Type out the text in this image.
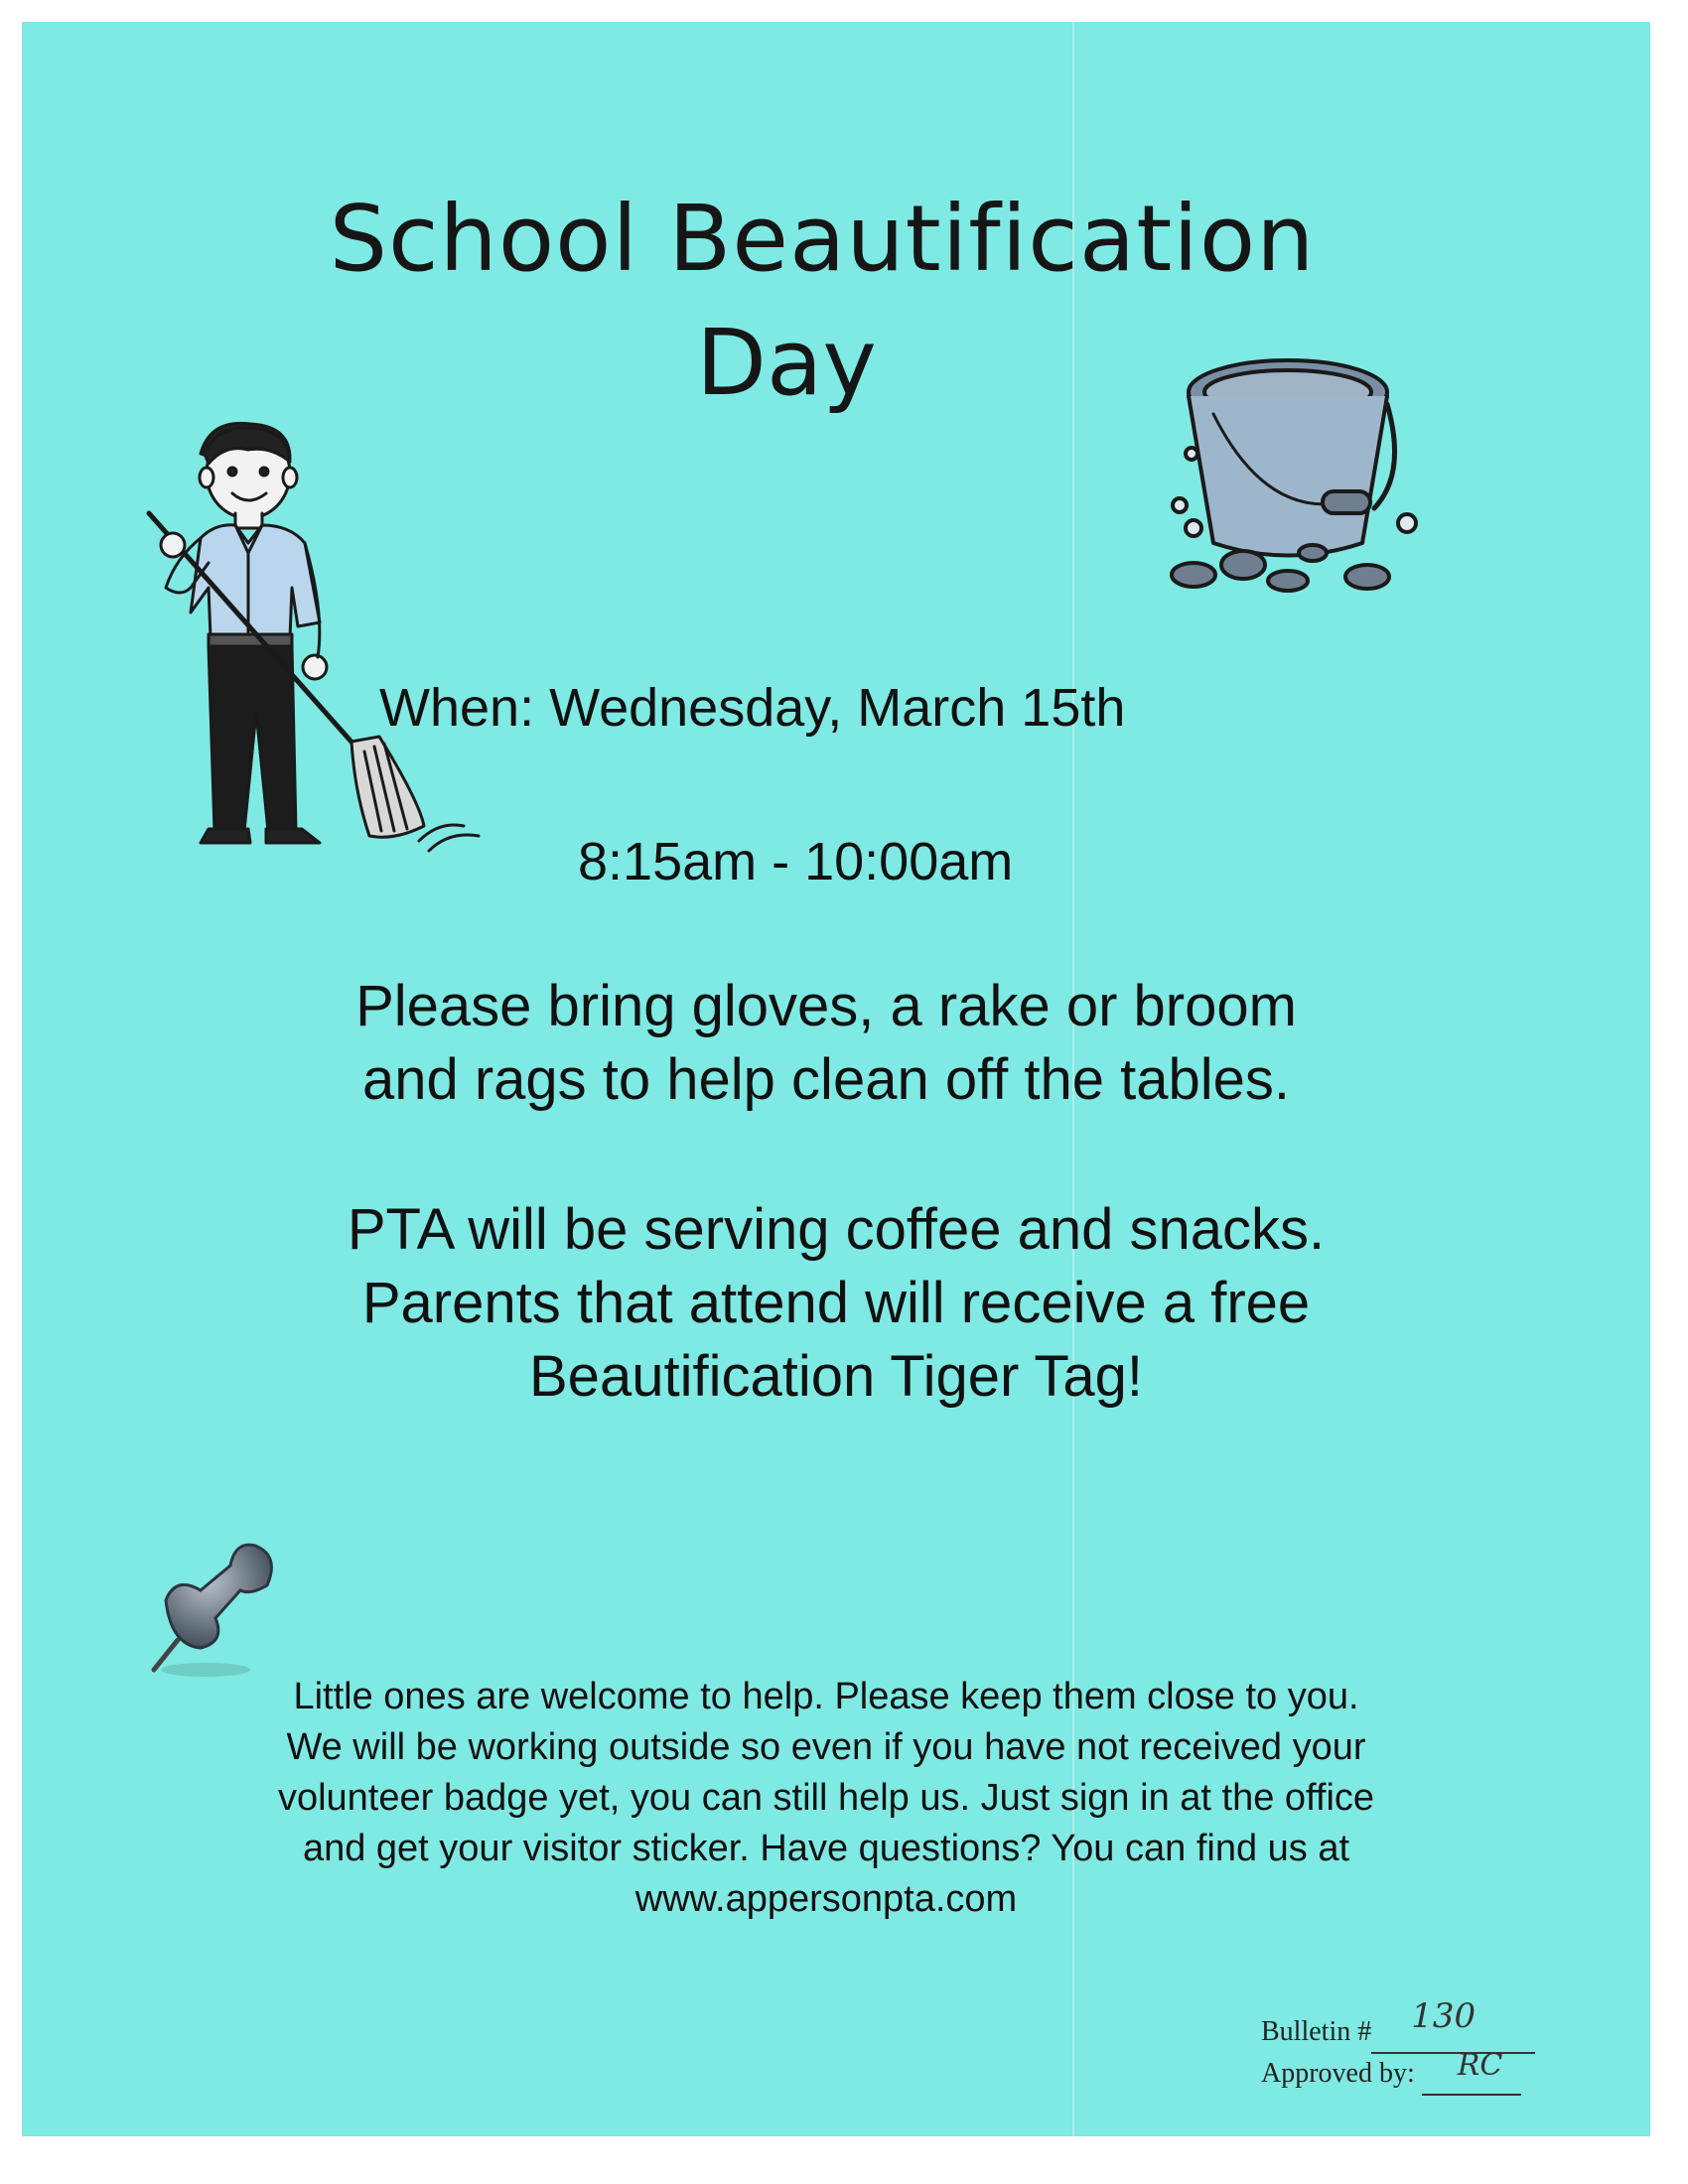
School Beautification
Day
When: Wednesday, March 15th
8:15am - 10:00am
Please bring gloves, a rake or broom
and rags to help clean off the tables.
PTA will be serving coffee and snacks.
Parents that attend will receive a free
Beautification Tiger Tag!
Little ones are welcome to help. Please keep them close to you.
We will be working outside so even if you have not received your
volunteer badge yet, you can still help us. Just sign in at the office
and get your visitor sticker. Have questions? You can find us at
www.appersonpta.com
Bulletin # 130

Approved by: RC
